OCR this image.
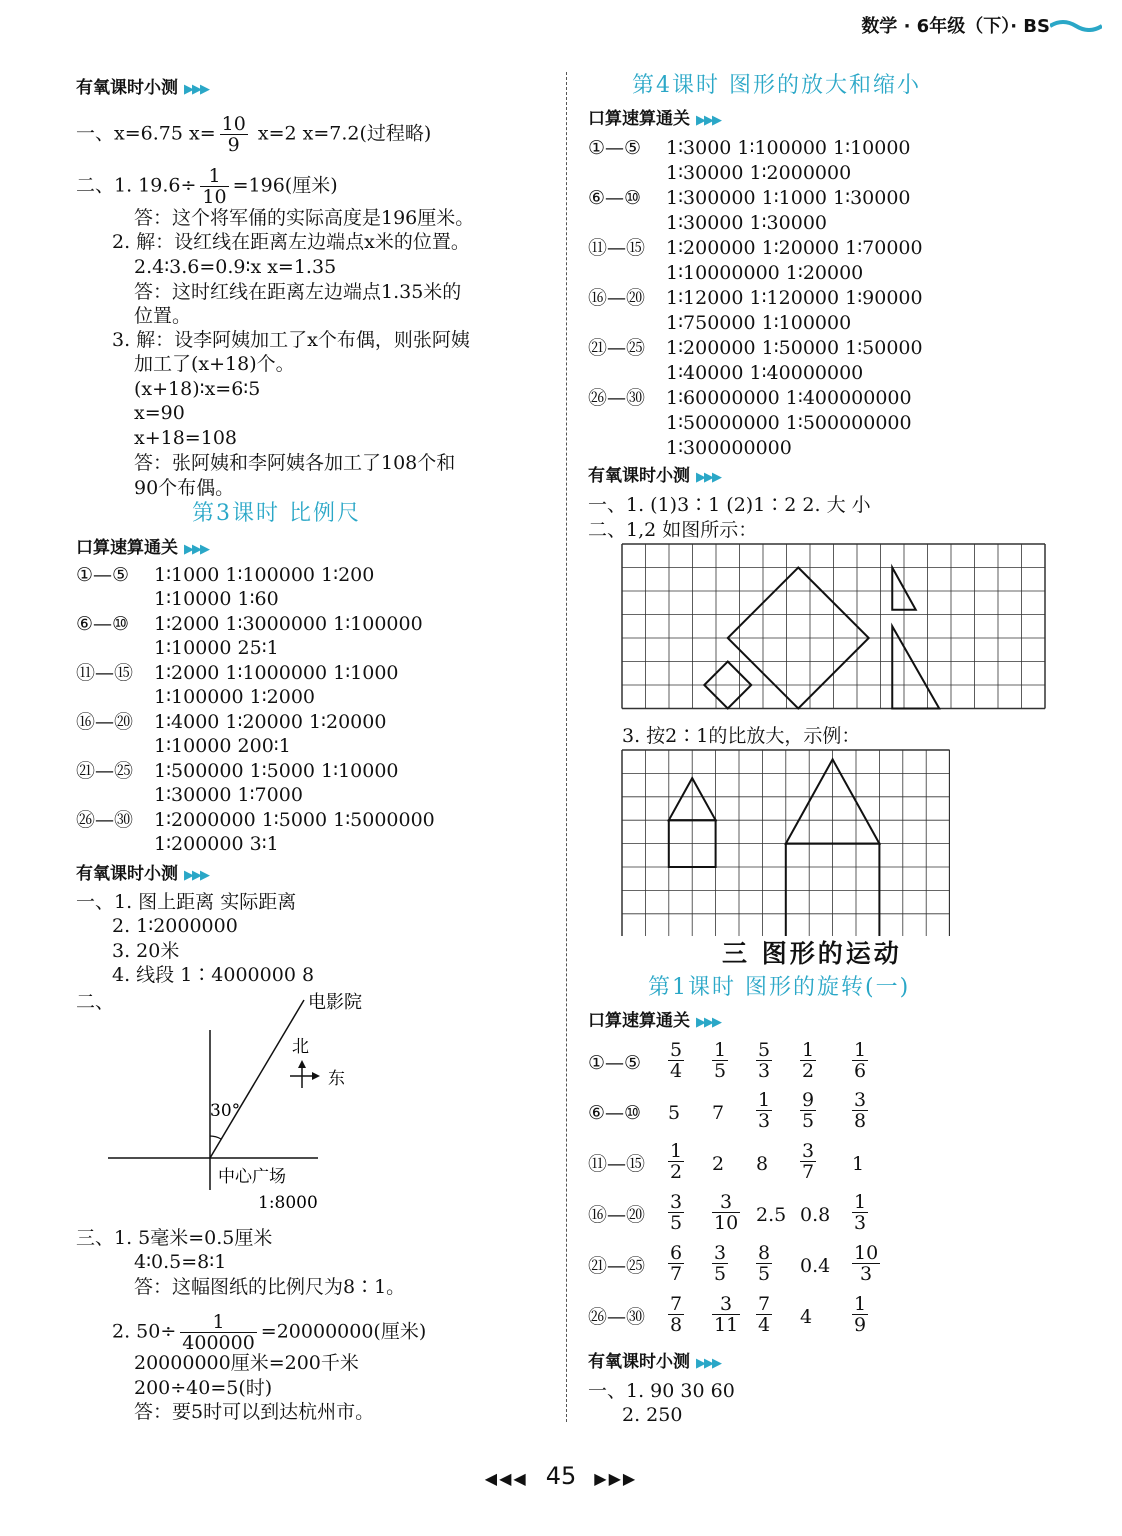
数学 · 6年级（下）· BS
有氧课时小测 ▶▶▶
一、x=6.75 $x= \frac{10}{9} x=2$ x=7.2(过程略)
二、1. $19.6\div \frac{1}{10} =196$(厘米)
答：这个将军俑的实际高度是196厘米。
2. 解：设红线在距离左边端点x米的位置。
2.4∶3.6=0.9∶x x=1.35
答：这时红线在距离左边端点1.35米的
位置。
3. 解：设李阿姨加工了x个布偶，则张阿姨
加工了(x+18)个。
(x+18)∶x=6∶5
x=90
x+18=108
答：张阿姨和李阿姨各加工了108个和
90个布偶。
第3课时 比例尺
口算速算通关 ▶▶▶
①—⑤ 1∶1000 1∶100000 1∶200
1∶10000 1∶60
⑥—⑩ 1∶2000 1∶3000000 1∶100000
1∶10000 25∶1
⑪—⑮ 1∶2000 1∶1000000 1∶1000
1∶100000 1∶2000
⑯—⑳ 1∶4000 1∶20000 1∶20000
1∶10000 200∶1
㉑—㉕ 1∶500000 1∶5000 1∶10000
1∶30000 1∶7000
㉖—㉚ 1∶2000000 1∶5000 1∶5000000
1∶200000 3∶1
有氧课时小测 ▶▶▶
一、1. 图上距离 实际距离
2. 1∶2000000
3. 20米
4. 线段 1∶4000000 8
二、	电影院
北
东
30°
中心广场
1:8000
三、1. 5毫米=0.5厘米
4∶0.5=8∶1
答：这幅图纸的比例尺为8∶1。
2. $50\div \frac{1}{400000} =20000000$(厘米)
20000000厘米=200千米
200÷40=5(时)
答：要5时可以到达杭州市。
第4课时 图形的放大和缩小
口算速算通关 ▶▶▶
①—⑤ 1∶3000 1∶100000 1∶10000
1∶30000 1∶2000000
⑥—⑩ 1∶300000 1∶1000 1∶30000
1∶30000 1∶30000
⑪—⑮ 1∶200000 1∶20000 1∶70000
1∶10000000 1∶20000
⑯—⑳ 1∶12000 1∶120000 1∶90000
1∶750000 1∶100000
㉑—㉕ 1∶200000 1∶50000 1∶50000
1∶40000 1∶40000000
㉖—㉚ 1∶60000000 1∶400000000
1∶50000000 1∶500000000
1∶300000000
有氧课时小测 ▶▶▶
一、1. (1)3∶1 (2)1∶2 2. 大 小
二、1,2 如图所示：
3. 按2∶1的比放大，示例：
三 图形的运动
第1课时 图形的旋转(一)
口算速算通关 ▶▶▶
①—⑤ $\frac{5}{4} \frac{1}{5} \frac{5}{3} \frac{1}{2} \frac{1}{6}$
⑥—⑩ 5 $7 \frac{1}{3} \frac{9}{5} \frac{3}{8}$
⑪—⑮ $\frac{1}{2} 2$ $8 \frac{3}{7} 1$
⑯—⑳ $\frac{3}{5} \frac{3}{10} 2.5$ $0.8 \frac{1}{3}$
㉑—㉕ $\frac{6}{7} \frac{3}{5} \frac{8}{5} 0.4 \frac{10}{3}$
㉖—㉚ $\frac{7}{8} \frac{3}{11} \frac{7}{4} 4 \frac{1}{9}$
有氧课时小测 ▶▶▶
一、1. 90 30 60
2. 250
◀◀◀ 45 ▶▶▶
